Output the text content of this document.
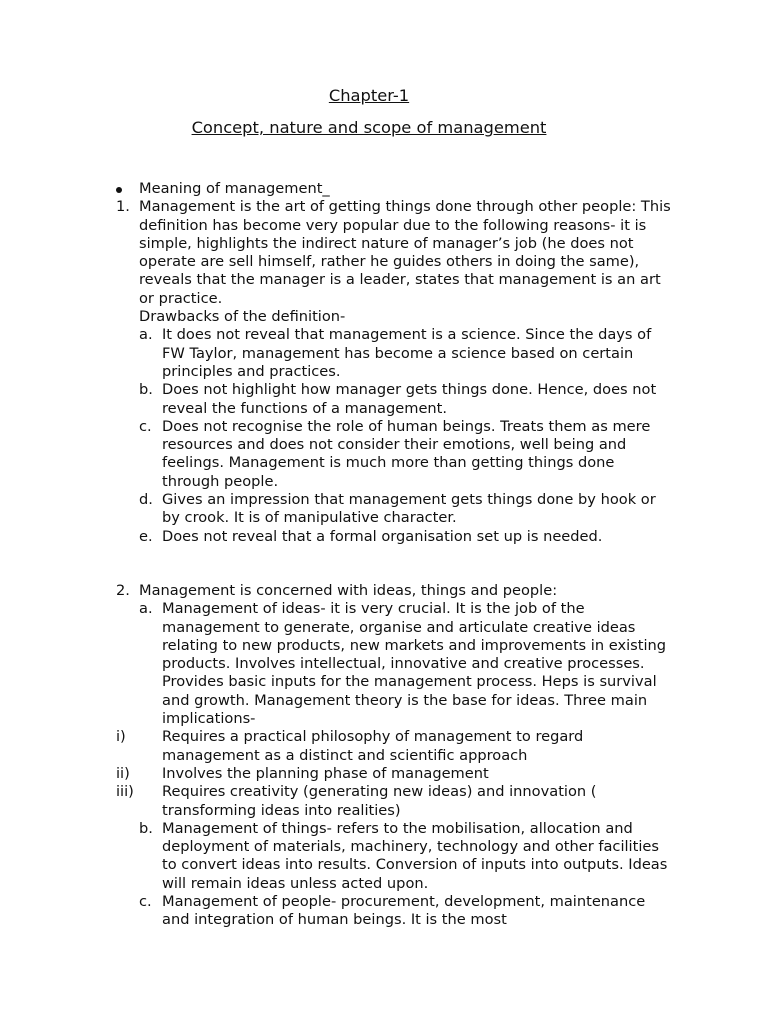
Chapter-1
Concept, nature and scope of management
Meaning of management_
1. Management is the art of getting things done through other people: This definition has become very popular due to the following reasons- it is simple, highlights the indirect nature of manager’s job (he does not operate are sell himself, rather he guides others in doing the same), reveals that the manager is a leader, states that management is an art or practice.
Drawbacks of the definition-
a. It does not reveal that management is a science. Since the days of FW Taylor, management has become a science based on certain principles and practices.
b. Does not highlight how manager gets things done. Hence, does not reveal the functions of a management.
c. Does not recognise the role of human beings. Treats them as mere resources and does not consider their emotions, well being and feelings. Management is much more than getting things done through people.
d. Gives an impression that management gets things done by hook or by crook. It is of manipulative character.
e. Does not reveal that a formal organisation set up is needed.
2. Management is concerned with ideas, things and people:
a. Management of ideas- it is very crucial. It is the job of the management to generate, organise and articulate creative ideas relating to new products, new markets and improvements in existing products. Involves intellectual, innovative and creative processes. Provides basic inputs for the management process. Heps is survival and growth. Management theory is the base for ideas. Three main implications-
i) Requires a practical philosophy of management to regard management as a distinct and scientific approach
ii) Involves the planning phase of management
iii) Requires creativity (generating new ideas) and innovation ( transforming ideas into realities)
b. Management of things- refers to the mobilisation, allocation and deployment of materials, machinery, technology and other facilities to convert ideas into results. Conversion of inputs into outputs. Ideas will remain ideas unless acted upon.
c. Management of people- procurement, development, maintenance and integration of human beings. It is the most
